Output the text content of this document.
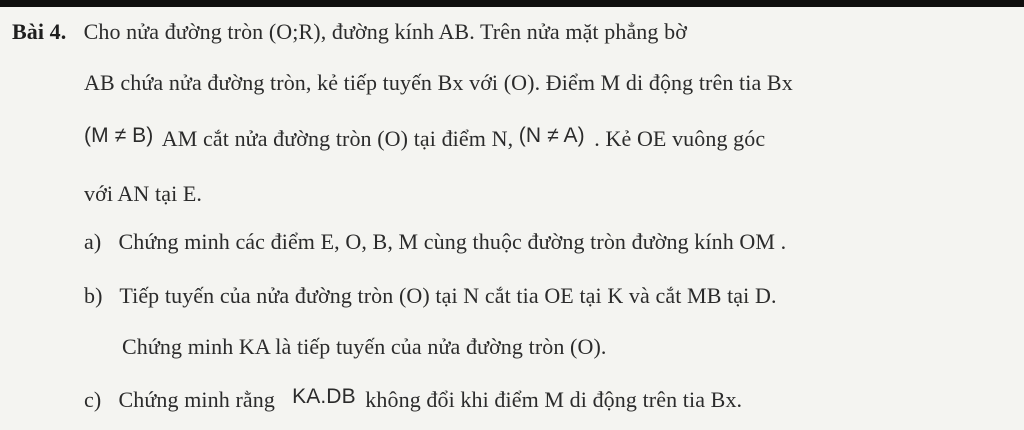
Bài 4. Cho nửa đường tròn (O;R), đường kính AB. Trên nửa mặt phẳng bờ
AB chứa nửa đường tròn, kẻ tiếp tuyến Bx với (O). Điểm M di động trên tia Bx
(M ≠ B) AM cắt nửa đường tròn (O) tại điểm N, (N ≠ A) . Kẻ OE vuông góc
với AN tại E.
a) Chứng minh các điểm E, O, B, M cùng thuộc đường tròn đường kính OM .
b) Tiếp tuyến của nửa đường tròn (O) tại N cắt tia OE tại K và cắt MB tại D.
Chứng minh KA là tiếp tuyến của nửa đường tròn (O).
c) Chứng minh rằng KA.DB không đổi khi điểm M di động trên tia Bx.
